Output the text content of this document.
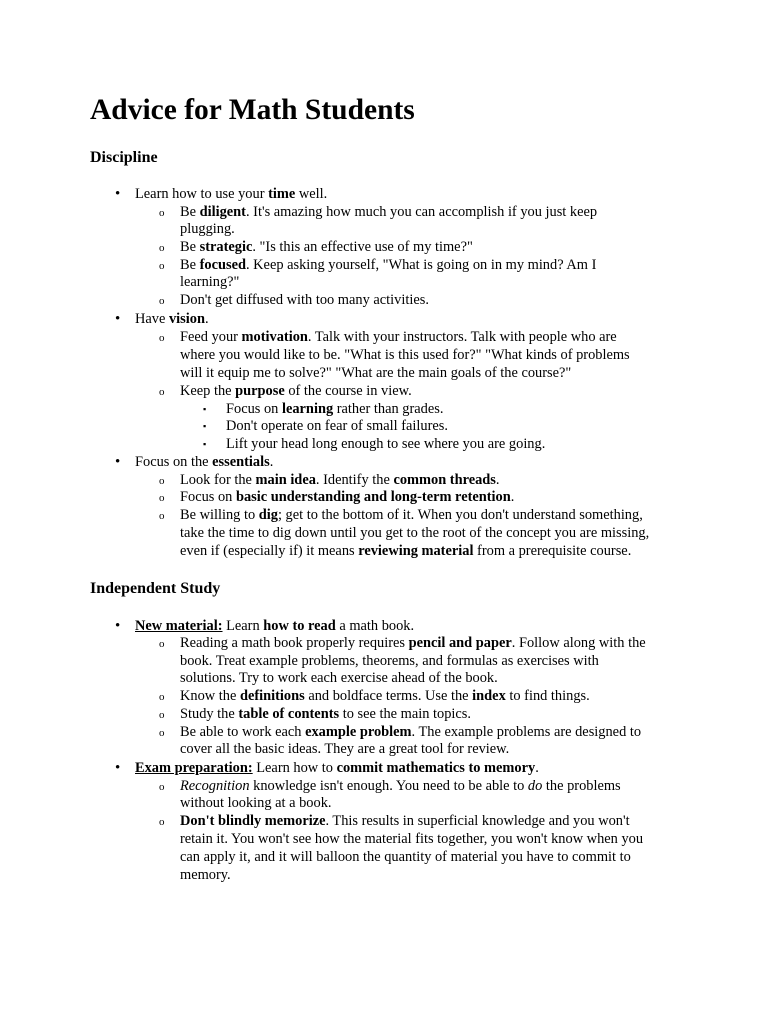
Advice for Math Students
Discipline
• Learn how to use your time well.
o Be diligent. It's amazing how much you can accomplish if you just keep
plugging.
o Be strategic. "Is this an effective use of my time?"
o Be focused. Keep asking yourself, "What is going on in my mind? Am I
learning?"
o Don't get diffused with too many activities.
• Have vision.
o Feed your motivation. Talk with your instructors. Talk with people who are
where you would like to be. "What is this used for?" "What kinds of problems
will it equip me to solve?" "What are the main goals of the course?"
o Keep the purpose of the course in view.
▪ Focus on learning rather than grades.
▪ Don't operate on fear of small failures.
▪ Lift your head long enough to see where you are going.
• Focus on the essentials.
o Look for the main idea. Identify the common threads.
o Focus on basic understanding and long-term retention.
o Be willing to dig; get to the bottom of it. When you don't understand something,
take the time to dig down until you get to the root of the concept you are missing,
even if (especially if) it means reviewing material from a prerequisite course.
Independent Study
• New material: Learn how to read a math book.
o Reading a math book properly requires pencil and paper. Follow along with the
book. Treat example problems, theorems, and formulas as exercises with
solutions. Try to work each exercise ahead of the book.
o Know the definitions and boldface terms. Use the index to find things.
o Study the table of contents to see the main topics.
o Be able to work each example problem. The example problems are designed to
cover all the basic ideas. They are a great tool for review.
• Exam preparation: Learn how to commit mathematics to memory.
o Recognition knowledge isn't enough. You need to be able to do the problems
without looking at a book.
o Don't blindly memorize. This results in superficial knowledge and you won't
retain it. You won't see how the material fits together, you won't know when you
can apply it, and it will balloon the quantity of material you have to commit to
memory.
